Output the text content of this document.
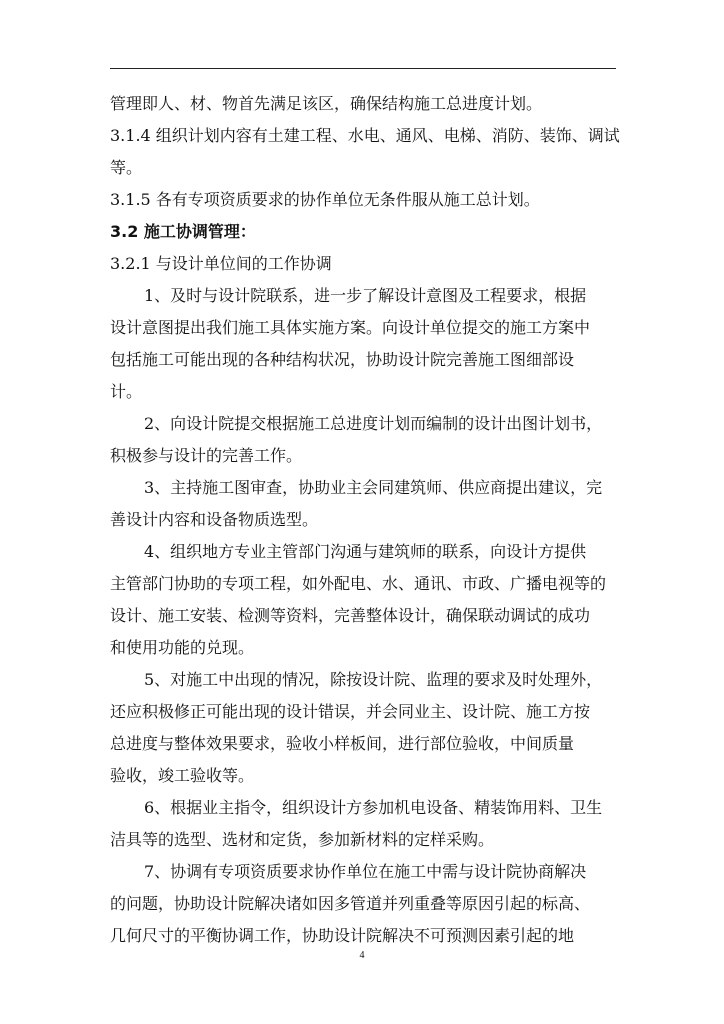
管理即人、材、物首先满足该区，确保结构施工总进度计划。
3.1.4 组织计划内容有土建工程、水电、通风、电梯、消防、装饰、调试
等。
3.1.5 各有专项资质要求的协作单位无条件服从施工总计划。
3.2 施工协调管理：
3.2.1 与设计单位间的工作协调
1、及时与设计院联系，进一步了解设计意图及工程要求，根据
设计意图提出我们施工具体实施方案。向设计单位提交的施工方案中
包括施工可能出现的各种结构状况，协助设计院完善施工图细部设
计。
2、向设计院提交根据施工总进度计划而编制的设计出图计划书，
积极参与设计的完善工作。
3、主持施工图审查，协助业主会同建筑师、供应商提出建议，完
善设计内容和设备物质选型。
4、组织地方专业主管部门沟通与建筑师的联系，向设计方提供
主管部门协助的专项工程，如外配电、水、通讯、市政、广播电视等的
设计、施工安装、检测等资料，完善整体设计，确保联动调试的成功
和使用功能的兑现。
5、对施工中出现的情况，除按设计院、监理的要求及时处理外，
还应积极修正可能出现的设计错误，并会同业主、设计院、施工方按
总进度与整体效果要求，验收小样板间，进行部位验收，中间质量
验收，竣工验收等。
6、根据业主指令，组织设计方参加机电设备、精装饰用料、卫生
洁具等的选型、选材和定货，参加新材料的定样采购。
7、协调有专项资质要求协作单位在施工中需与设计院协商解决
的问题，协助设计院解决诸如因多管道并列重叠等原因引起的标高、
几何尺寸的平衡协调工作，协助设计院解决不可预测因素引起的地
4
